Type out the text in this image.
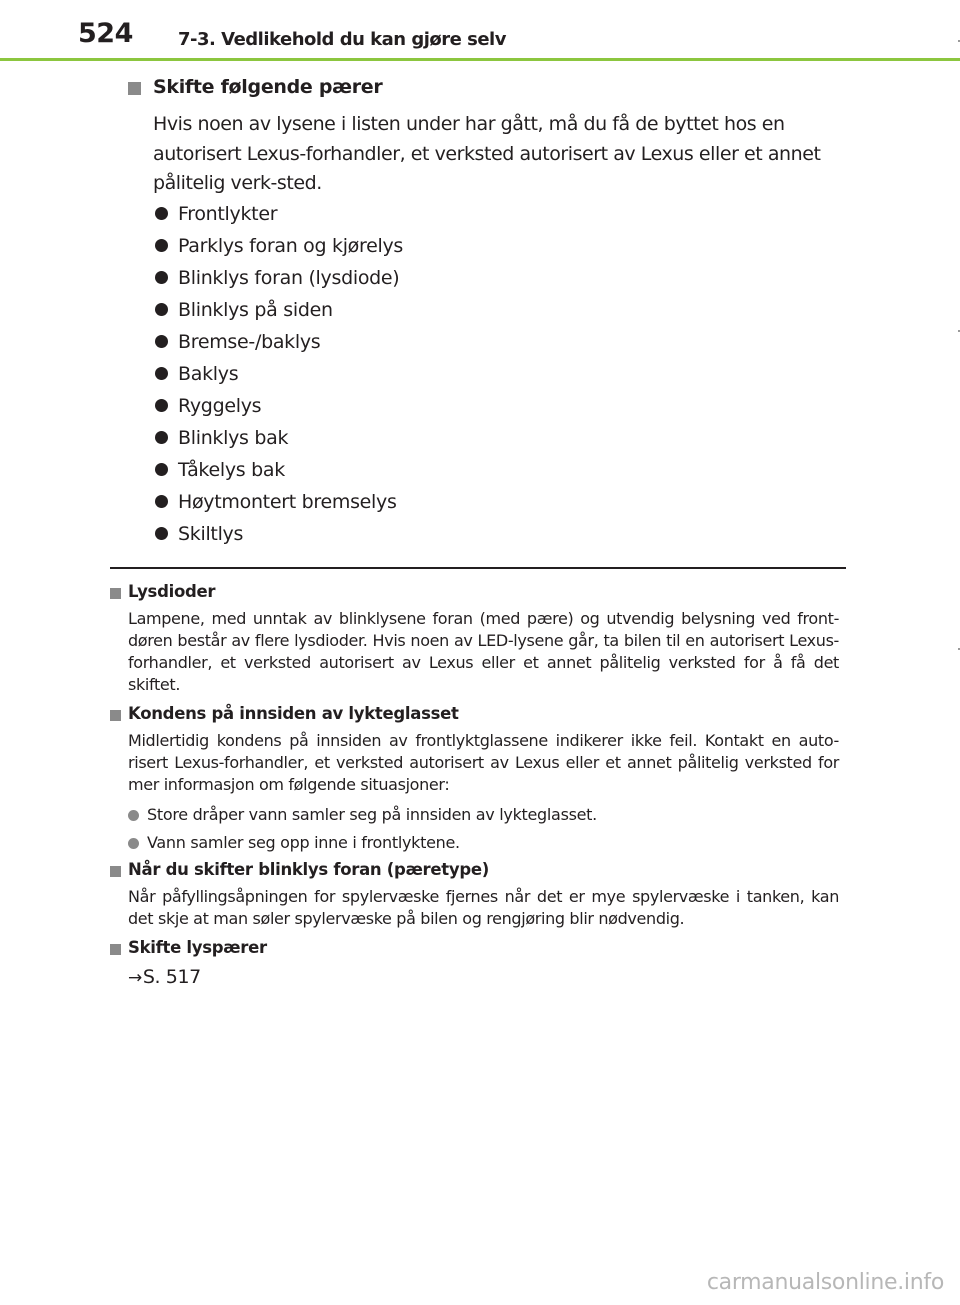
524	7-3. Vedlikehold du kan gjøre selv
Skifte følgende pærer

Hvis noen av lysene i listen under har gått, må du få de byttet hos en autorisert Lexus-forhandler, et verksted autorisert av Lexus eller et annet pålitelig verk-sted.

Frontlykter
Parklys foran og kjørelys
Blinklys foran (lysdiode)
Blinklys på siden
Bremse-/baklys
Baklys
Ryggelys
Blinklys bak
Tåkelys bak
Høytmontert bremselys
Skiltlys
Lysdioder

Lampene, med unntak av blinklysene foran (med pære) og utvendig belysning ved front-døren består av flere lysdioder. Hvis noen av LED-lysene går, ta bilen til en autorisert Lexus-forhandler, et verksted autorisert av Lexus eller et annet pålitelig verksted for å få det skiftet.

Kondens på innsiden av lykteglasset

Midlertidig kondens på innsiden av frontlyktglassene indikerer ikke feil. Kontakt en auto-risert Lexus-forhandler, et verksted autorisert av Lexus eller et annet pålitelig verksted for mer informasjon om følgende situasjoner:

Store dråper vann samler seg på innsiden av lykteglasset.
Vann samler seg opp inne i frontlyktene.
Når du skifter blinklys foran (pæretype)

Når påfyllingsåpningen for spylervæske fjernes når det er mye spylervæske i tanken, kan det skje at man søler spylervæske på bilen og rengjøring blir nødvendig.

Skifte lyspærer

→S. 517

carmanualsonline.info
